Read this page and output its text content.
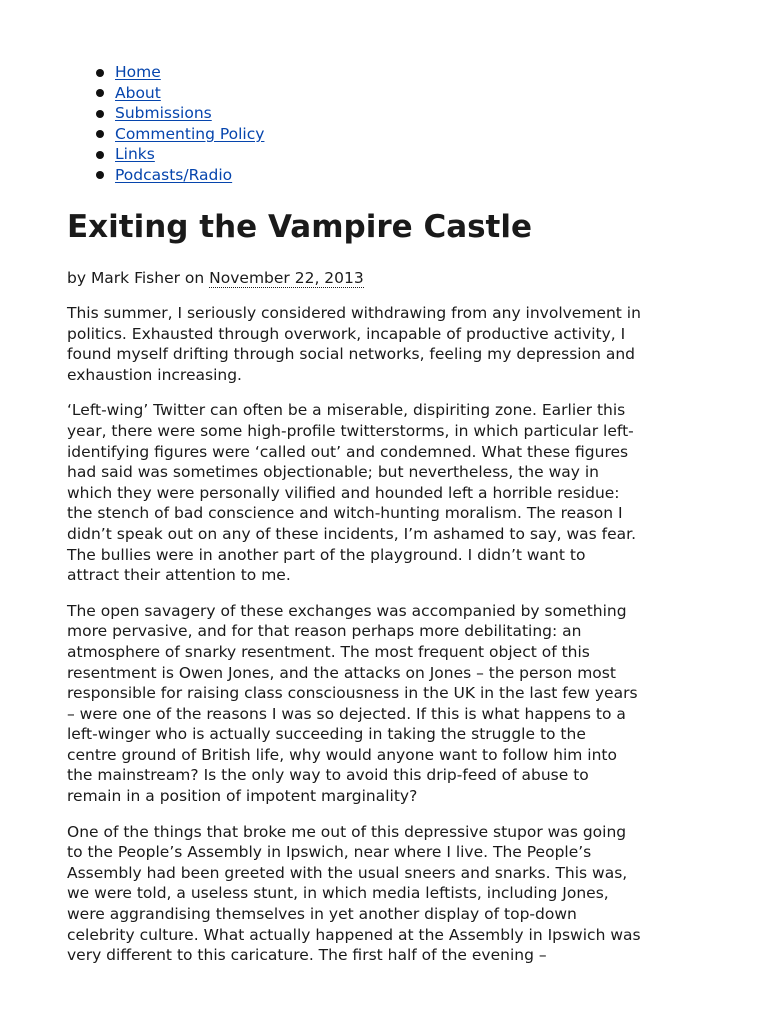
Home
About
Submissions
Commenting Policy
Links
Podcasts/Radio
Exiting the Vampire Castle
by Mark Fisher on November 22, 2013

This summer, I seriously considered withdrawing from any involvement in
politics. Exhausted through overwork, incapable of productive activity, I
found myself drifting through social networks, feeling my depression and
exhaustion increasing.

‘Left-wing’ Twitter can often be a miserable, dispiriting zone. Earlier this
year, there were some high-profile twitterstorms, in which particular left-
identifying figures were ‘called out’ and condemned. What these figures
had said was sometimes objectionable; but nevertheless, the way in
which they were personally vilified and hounded left a horrible residue:
the stench of bad conscience and witch-hunting moralism. The reason I
didn’t speak out on any of these incidents, I’m ashamed to say, was fear.
The bullies were in another part of the playground. I didn’t want to
attract their attention to me.

The open savagery of these exchanges was accompanied by something
more pervasive, and for that reason perhaps more debilitating: an
atmosphere of snarky resentment. The most frequent object of this
resentment is Owen Jones, and the attacks on Jones – the person most
responsible for raising class consciousness in the UK in the last few years
– were one of the reasons I was so dejected. If this is what happens to a
left-winger who is actually succeeding in taking the struggle to the
centre ground of British life, why would anyone want to follow him into
the mainstream? Is the only way to avoid this drip-feed of abuse to
remain in a position of impotent marginality?

One of the things that broke me out of this depressive stupor was going
to the People’s Assembly in Ipswich, near where I live. The People’s
Assembly had been greeted with the usual sneers and snarks. This was,
we were told, a useless stunt, in which media leftists, including Jones,
were aggrandising themselves in yet another display of top-down
celebrity culture. What actually happened at the Assembly in Ipswich was
very different to this caricature. The first half of the evening –
